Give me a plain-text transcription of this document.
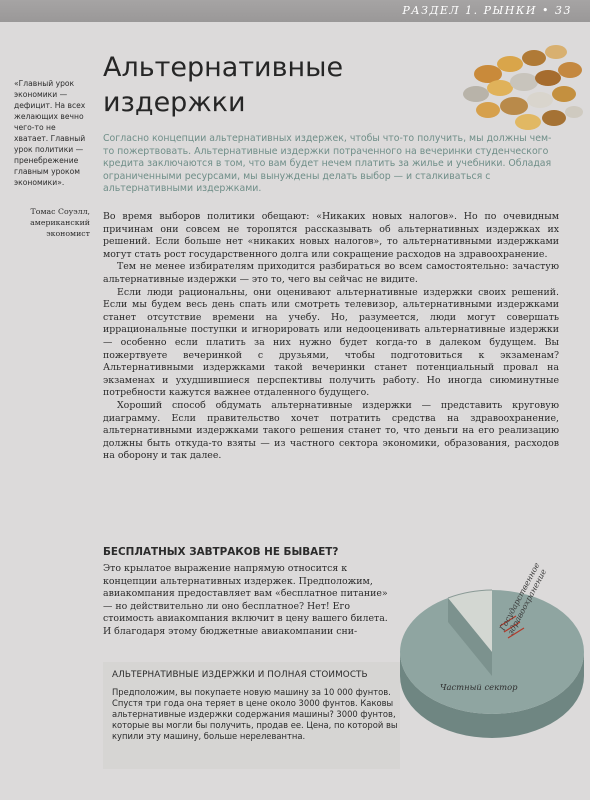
РАЗДЕЛ 1. РЫНКИ • 33
«Главный урок экономики — дефицит. На всех желающих вечно чего-то не хватает. Главный урок политики — пренебрежение главным уроком экономики».
Томас Соуэлл, американский экономист
Альтернативные издержки

Согласно концепции альтернативных издержек, чтобы что-то получить, мы должны чем-то пожертвовать. Альтернативные издержки потраченного на вечеринки студенческого кредита заключаются в том, что вам будет нечем платить за жилье и учебники. Обладая ограниченными ресурсами, мы вынуждены делать выбор — и сталкиваться с альтернативными издержками.

Во время выборов политики обещают: «Никаких новых налогов». Но по очевидным причинам они совсем не торопятся рассказывать об альтернативных издержках их решений. Если больше нет «никаких новых налогов», то альтернативными издержками могут стать рост государственного долга или сокращение расходов на здравоохранение.

Тем не менее избирателям приходится разбираться во всем самостоятельно: зачастую альтернативные издержки — это то, чего вы сейчас не видите.

Если люди рациональны, они оценивают альтернативные издержки своих решений. Если мы будем весь день спать или смотреть телевизор, альтернативными издержками станет отсутствие времени на учебу. Но, разумеется, люди могут совершать иррациональные поступки и игнорировать или недооценивать альтернативные издержки — особенно если платить за них нужно будет когда-то в далеком будущем. Вы пожертвуете вечеринкой с друзьями, чтобы подготовиться к экзаменам? Альтернативными издержками такой вечеринки станет потенциальный провал на экзаменах и ухудшившиеся перспективы получить работу. Но иногда сиюминутные потребности кажутся важнее отдаленного будущего.

Хороший способ обдумать альтернативные издержки — представить круговую диаграмму. Если правительство хочет потратить средства на здравоохранение, альтернативными издержками такого решения станет то, что деньги на его реализацию должны быть откуда-то взяты — из частного сектора экономики, образования, расходов на оборону и так далее.

БЕСПЛАТНЫХ ЗАВТРАКОВ НЕ БЫВАЕТ?

Это крылатое выражение напрямую относится к концепции альтернативных издержек. Предположим, авиакомпания предоставляет вам «бесплатное питание» — но действительно ли оно бесплатное? Нет! Его стоимость авиакомпания включит в цену вашего билета. И благодаря этому бюджетные авиакомпании сни-	Государственное здравоохранение
Частный сектор
АЛЬТЕРНАТИВНЫЕ ИЗДЕРЖКИ И ПОЛНАЯ СТОИМОСТЬ

Предположим, вы покупаете новую машину за 10 000 фунтов. Спустя три года она теряет в цене около 3000 фунтов. Каковы альтернативные издержки содержания машины? 3000 фунтов, которые вы могли бы получить, продав ее. Цена, по которой вы купили эту машину, больше нерелевантна.
